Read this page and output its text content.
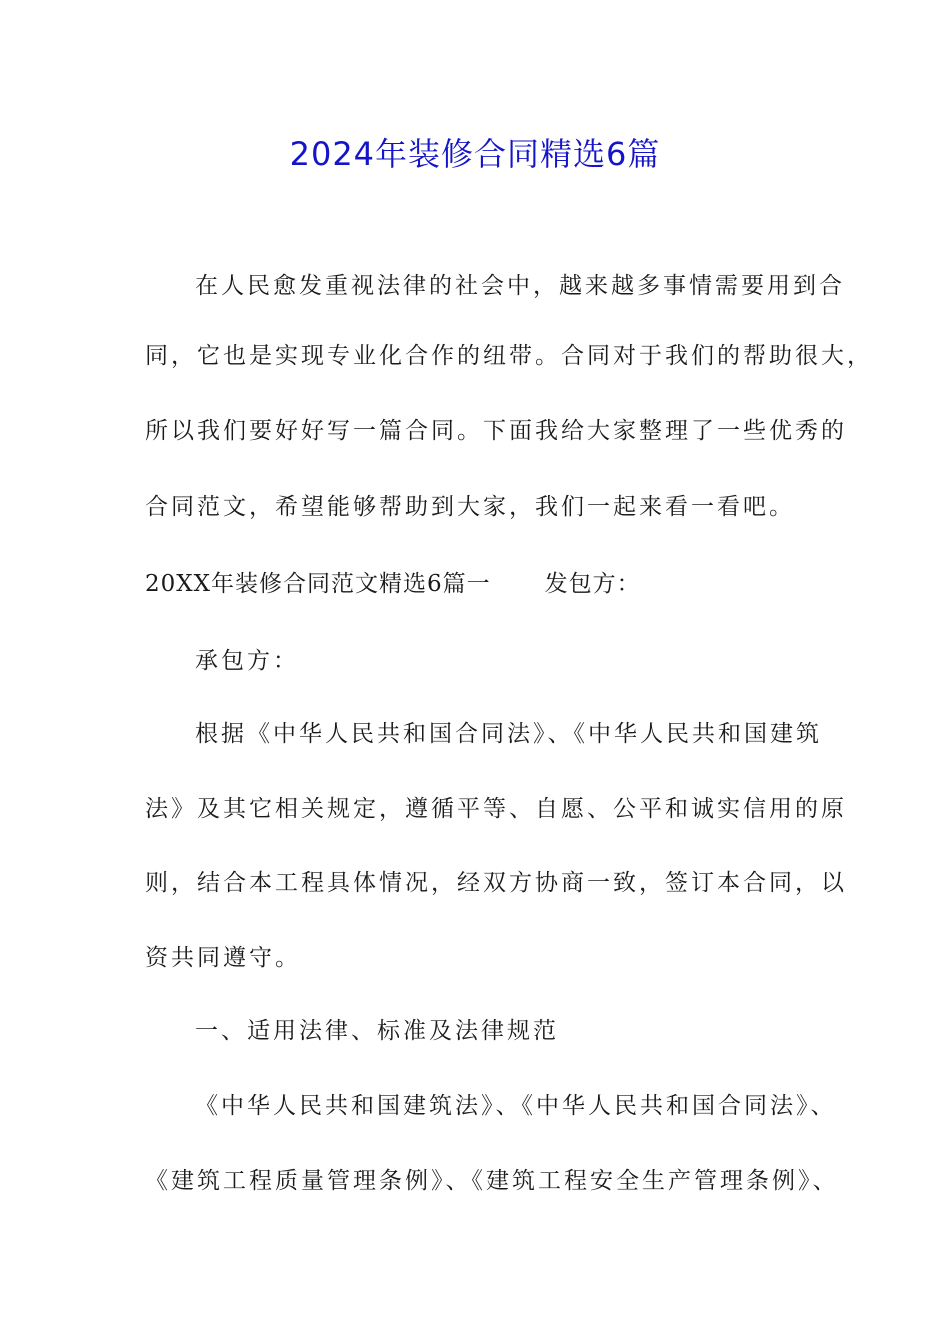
2024年装修合同精选6篇
在人民愈发重视法律的社会中，越来越多事情需要用到合
同，它也是实现专业化合作的纽带。合同对于我们的帮助很大，
所以我们要好好写一篇合同。下面我给大家整理了一些优秀的
合同范文，希望能够帮助到大家，我们一起来看一看吧。
20XX年装修合同范文精选6篇一 发包方：
承包方：
根据《中华人民共和国合同法》、《中华人民共和国建筑
法》及其它相关规定，遵循平等、自愿、公平和诚实信用的原
则，结合本工程具体情况，经双方协商一致，签订本合同，以
资共同遵守。
一、适用法律、标准及法律规范
《中华人民共和国建筑法》、《中华人民共和国合同法》、
《建筑工程质量管理条例》、《建筑工程安全生产管理条例》、
